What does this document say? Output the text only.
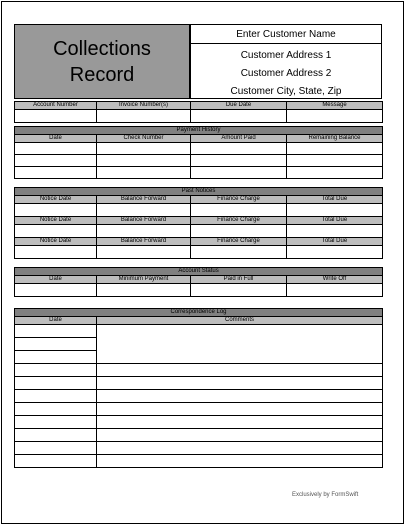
Collections
Record
Enter Customer Name
Customer Address 1
Customer Address 2
Customer City, State, Zip
Account Number	Invoice Number(s)	Due Date	Message

Payment History			
Date	Check Number	Amount Paid	Remaining Balance

Past Notices			
Notice Date	Balance Forward	Finance Charge	Total Due

Notice Date	Balance Forward	Finance Charge	Total Due

Notice Date	Balance Forward	Finance Charge	Total Due

Account Status			
Date	Minimum Payment	Paid in Full	Write Off

Correspondence Log	
Date	Comments

Exclusively by FormSwift
